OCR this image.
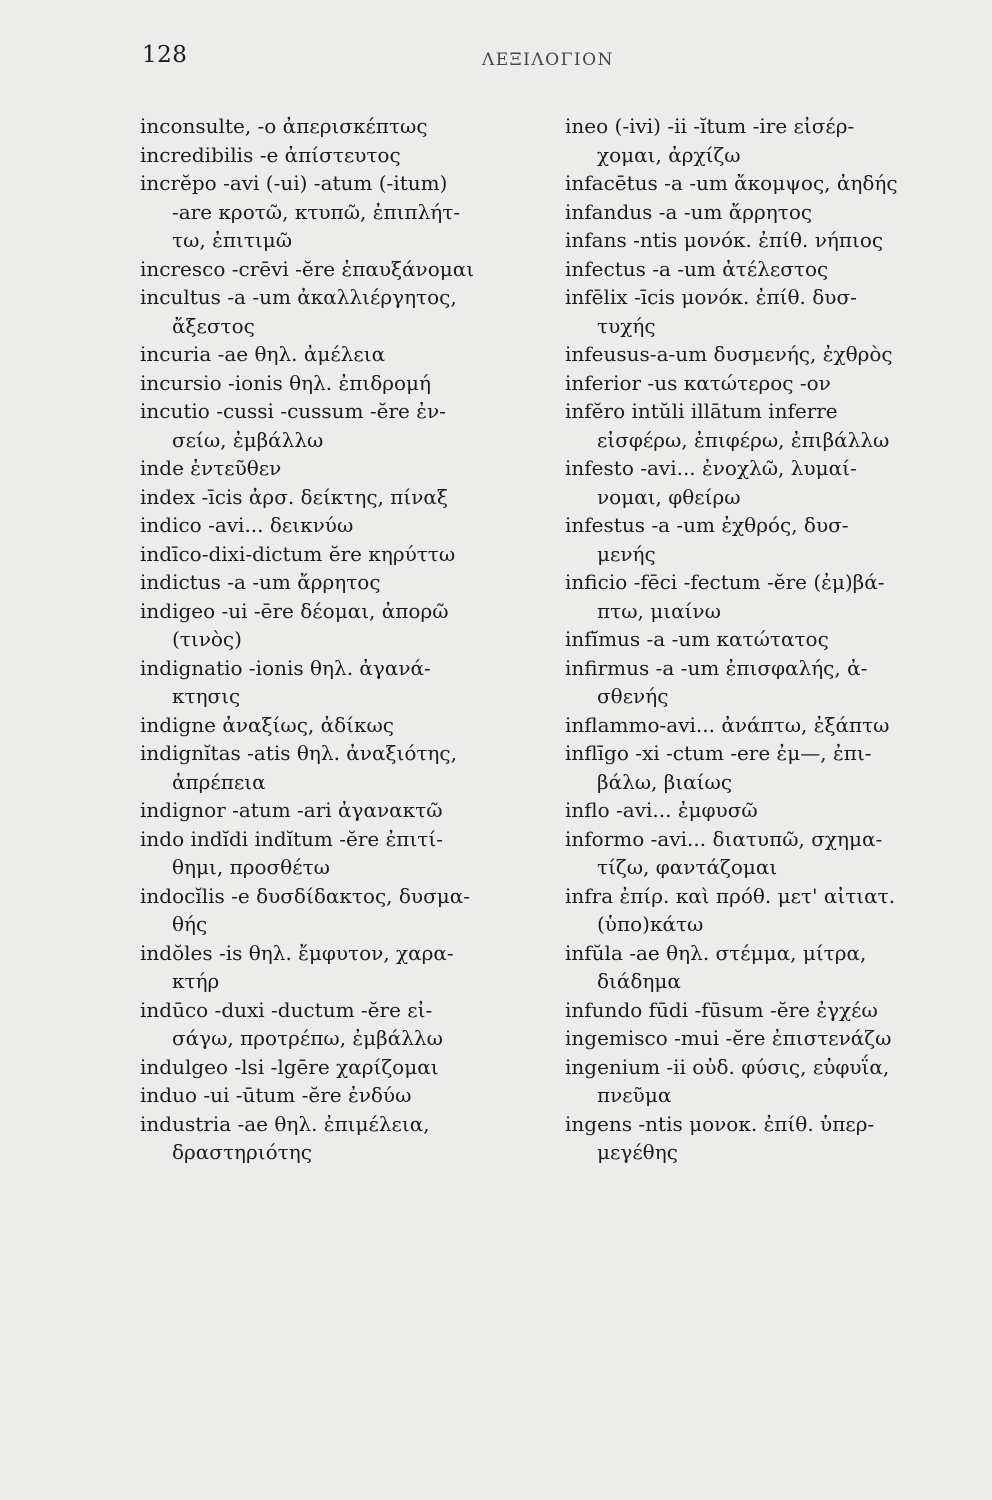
128	ΛΕΞΙΛΟΓΙΟΝ
inconsulte, -o ἀπερισκέπτως
incredibilis -e ἀπίστευτος
incrĕpo -avi (-ui) -atum (-itum)
-are κροτῶ, κτυπῶ, ἐπιπλήτ-
τω, ἐπιτιμῶ
incresco -crēvi -ĕre ἐπαυξάνομαι
incultus -a -um ἀκαλλιέργητος,
ἄξεστος
incuria -ae θηλ. ἀμέλεια
incursio -ionis θηλ. ἐπιδρομή
incutio -cussi -cussum -ĕre ἐν-
σείω, ἐμβάλλω
inde ἐντεῦθεν
index -īcis ἀρσ. δείκτης, πίναξ
indico -avi... δεικνύω
indīco-dixi-dictum ĕre κηρύττω
indictus -a -um ἄρρητος
indigeo -ui -ēre δέομαι, ἀπορῶ
(τινὸς)
indignatio -ionis θηλ. ἀγανά-
κτησις
indigne ἀναξίως, ἀδίκως
indignĭtas -atis θηλ. ἀναξιότης,
ἀπρέπεια
indignor -atum -ari ἀγανακτῶ
indo indĭdi indĭtum -ĕre ἐπιτί-
θημι, προσθέτω
indocĭlis -e δυσδίδακτος, δυσμα-
θής
indŏles -is θηλ. ἔμφυτον, χαρα-
κτήρ
indūco -duxi -ductum -ĕre εἰ-
σάγω, προτρέπω, ἐμβάλλω
indulgeo -lsi -lgēre χαρίζομαι
induo -ui -ūtum -ĕre ἐνδύω
industria -ae θηλ. ἐπιμέλεια,
δραστηριότης
ineo (-ivi) -ii -ĭtum -ire εἰσέρ-
χομαι, ἀρχίζω
infacētus -a -um ἄκομψος, ἀηδής
infandus -a -um ἄρρητος
infans -ntis μονόκ. ἐπίθ. νήπιος
infectus -a -um ἀτέλεστος
infēlix -īcis μονόκ. ἐπίθ. δυσ-
τυχής
infeusus-a-um δυσμενής, ἐχθρὸς
inferior -us κατώτερος -ον
infĕro intŭli illātum inferre
εἰσφέρω, ἐπιφέρω, ἐπιβάλλω
infesto -avi... ἐνοχλῶ, λυμαί-
νομαι, φθείρω
infestus -a -um ἐχθρός, δυσ-
μενής
inficio -fēci -fectum -ĕre (ἐμ)βά-
πτω, μιαίνω
infĭmus -a -um κατώτατος
infirmus -a -um ἐπισφαλής, ἀ-
σθενής
inflammo-avi... ἀνάπτω, ἐξάπτω
inflīgo -xi -ctum -ere ἐμ—, ἐπι-
βάλω, βιαίως
inflo -avi... ἐμφυσῶ
informo -avi... διατυπῶ, σχημα-
τίζω, φαντάζομαι
infra ἐπίρ. καὶ πρόθ. μετ' αἰτιατ.
(ὑπο)κάτω
infŭla -ae θηλ. στέμμα, μίτρα,
διάδημα
infundo fūdi -fūsum -ĕre ἐγχέω
ingemisco -mui -ĕre ἐπιστενάζω
ingenium -ii οὐδ. φύσις, εὐφυΐα,
πνεῦμα
ingens -ntis μονοκ. ἐπίθ. ὑπερ-
μεγέθης
